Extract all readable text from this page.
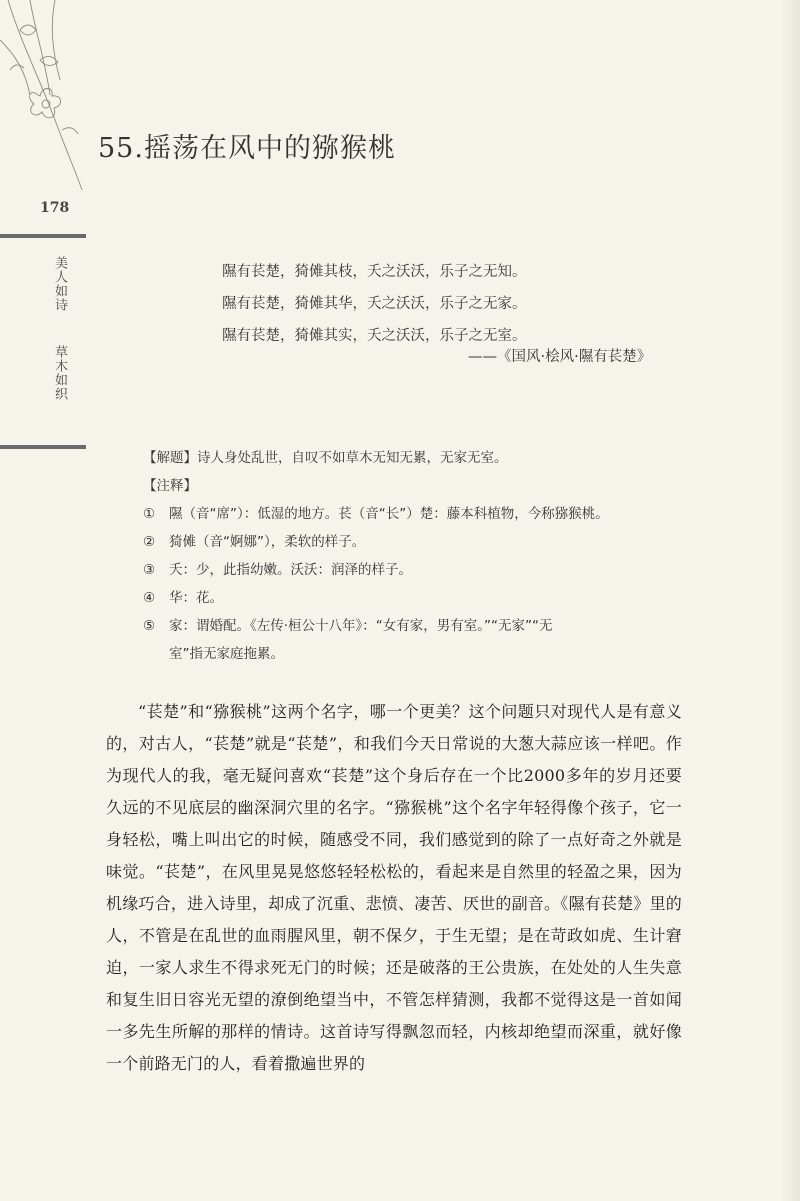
55.摇荡在风中的猕猴桃
178
美人如诗
草木如织
隰有苌楚，猗傩其枝，夭之沃沃，乐子之无知。
隰有苌楚，猗傩其华，夭之沃沃，乐子之无家。
隰有苌楚，猗傩其实，夭之沃沃，乐子之无室。
——《国风·桧风·隰有苌楚》
【解题】诗人身处乱世，自叹不如草木无知无累，无家无室。
【注释】
① 隰（音“席”）：低湿的地方。苌（音“长”）楚：藤本科植物，今称猕猴桃。
② 猗傩（音“婀娜”），柔软的样子。
③ 夭：少，此指幼嫩。沃沃：润泽的样子。
④ 华：花。
⑤ 家：谓婚配。《左传·桓公十八年》：“女有家，男有室。”“无家”“无
室”指无家庭拖累。

“苌楚”和“猕猴桃”这两个名字，哪一个更美？这个问题只对现代人是有意义的，对古人，“苌楚”就是“苌楚”，和我们今天日常说的大葱大蒜应该一样吧。作为现代人的我，毫无疑问喜欢“苌楚”这个身后存在一个比2000多年的岁月还要久远的不见底层的幽深洞穴里的名字。“猕猴桃”这个名字年轻得像个孩子，它一身轻松，嘴上叫出它的时候，随感受不同，我们感觉到的除了一点好奇之外就是味觉。“苌楚”，在风里晃晃悠悠轻轻松松的，看起来是自然里的轻盈之果，因为机缘巧合，进入诗里，却成了沉重、悲愤、凄苦、厌世的副音。《隰有苌楚》里的人，不管是在乱世的血雨腥风里，朝不保夕，于生无望；是在苛政如虎、生计窘迫，一家人求生不得求死无门的时候；还是破落的王公贵族，在处处的人生失意和复生旧日容光无望的潦倒绝望当中，不管怎样猜测，我都不觉得这是一首如闻一多先生所解的那样的情诗。这首诗写得飘忽而轻，内核却绝望而深重，就好像一个前路无门的人，看着撒遍世界的
